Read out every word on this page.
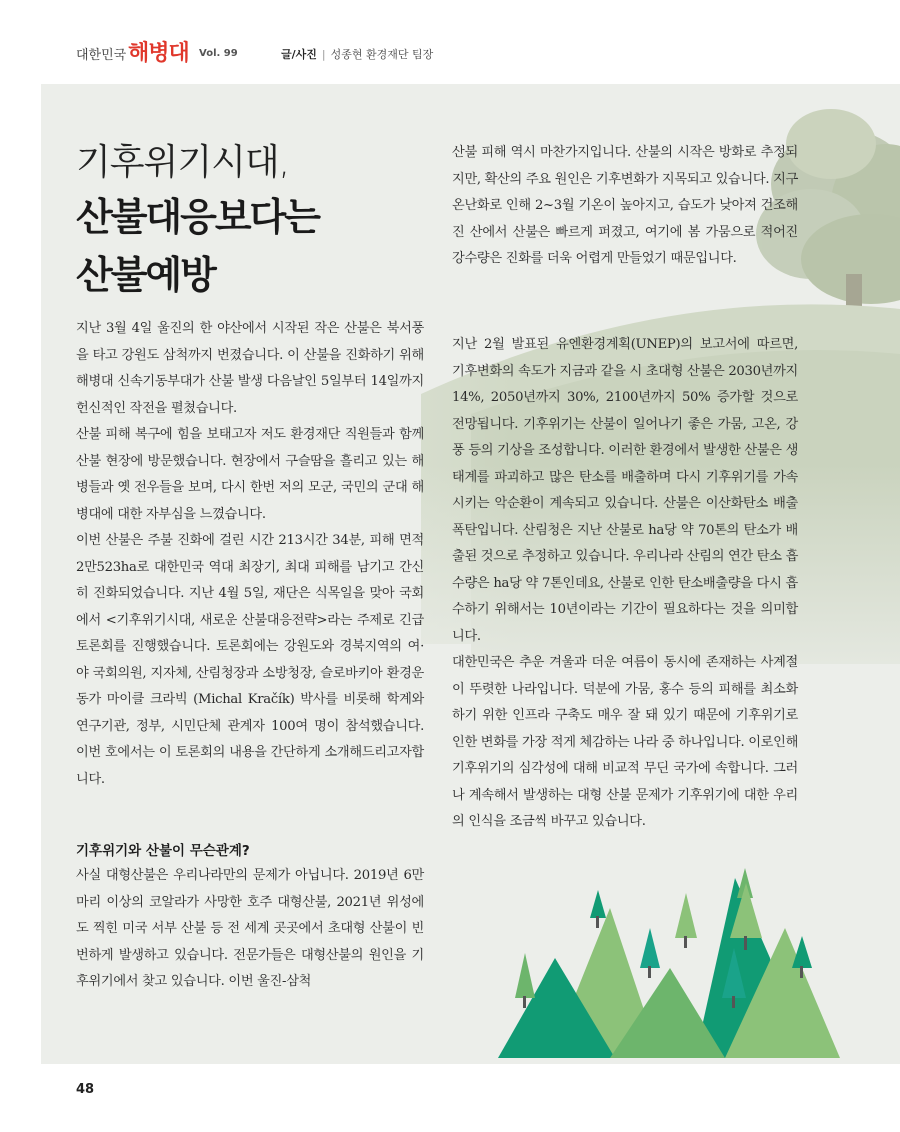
대한민국 해병대 Vol. 99	글/사진 | 성종현 환경재단 팀장
기후위기시대,
산불대응보다는
산불예방

지난 3월 4일 울진의 한 야산에서 시작된 작은 산불은 북서풍을 타고 강원도 삼척까지 번졌습니다. 이 산불을 진화하기 위해 해병대 신속기동부대가 산불 발생 다음날인 5일부터 14일까지 헌신적인 작전을 펼쳤습니다.

산불 피해 복구에 힘을 보태고자 저도 환경재단 직원들과 함께 산불 현장에 방문했습니다. 현장에서 구슬땀을 흘리고 있는 해병들과 옛 전우들을 보며, 다시 한번 저의 모군, 국민의 군대 해병대에 대한 자부심을 느꼈습니다.

이번 산불은 주불 진화에 걸린 시간 213시간 34분, 피해 면적 2만523ha로 대한민국 역대 최장기, 최대 피해를 남기고 간신히 진화되었습니다. 지난 4월 5일, 재단은 식목일을 맞아 국회에서 <기후위기시대, 새로운 산불대응전략>라는 주제로 긴급토론회를 진행했습니다. 토론회에는 강원도와 경북지역의 여·야 국회의원, 지자체, 산림청장과 소방청장, 슬로바키아 환경운동가 마이클 크라빅 (Michal Kračík) 박사를 비롯해 학계와 연구기관, 정부, 시민단체 관계자 100여 명이 참석했습니다. 이번 호에서는 이 토론회의 내용을 간단하게 소개해드리고자합니다.

기후위기와 산불이 무슨관계?

사실 대형산불은 우리나라만의 문제가 아닙니다. 2019년 6만 마리 이상의 코알라가 사망한 호주 대형산불, 2021년 위성에도 찍힌 미국 서부 산불 등 전 세계 곳곳에서 초대형 산불이 빈번하게 발생하고 있습니다. 전문가들은 대형산불의 원인을 기후위기에서 찾고 있습니다. 이번 울진-삼척

산불 피해 역시 마찬가지입니다. 산불의 시작은 방화로 추정되지만, 확산의 주요 원인은 기후변화가 지목되고 있습니다. 지구온난화로 인해 2~3월 기온이 높아지고, 습도가 낮아져 건조해진 산에서 산불은 빠르게 퍼졌고, 여기에 봄 가뭄으로 적어진 강수량은 진화를 더욱 어렵게 만들었기 때문입니다.

지난 2월 발표된 유엔환경계획(UNEP)의 보고서에 따르면, 기후변화의 속도가 지금과 같을 시 초대형 산불은 2030년까지 14%, 2050년까지 30%, 2100년까지 50% 증가할 것으로 전망됩니다. 기후위기는 산불이 일어나기 좋은 가뭄, 고온, 강풍 등의 기상을 조성합니다. 이러한 환경에서 발생한 산불은 생태계를 파괴하고 많은 탄소를 배출하며 다시 기후위기를 가속시키는 악순환이 계속되고 있습니다. 산불은 이산화탄소 배출 폭탄입니다. 산림청은 지난 산불로 ha당 약 70톤의 탄소가 배출된 것으로 추정하고 있습니다. 우리나라 산림의 연간 탄소 흡수량은 ha당 약 7톤인데요, 산불로 인한 탄소배출량을 다시 흡수하기 위해서는 10년이라는 기간이 필요하다는 것을 의미합니다.

대한민국은 추운 겨울과 더운 여름이 동시에 존재하는 사계절이 뚜렷한 나라입니다. 덕분에 가뭄, 홍수 등의 피해를 최소화 하기 위한 인프라 구축도 매우 잘 돼 있기 때문에 기후위기로 인한 변화를 가장 적게 체감하는 나라 중 하나입니다. 이로인해 기후위기의 심각성에 대해 비교적 무딘 국가에 속합니다. 그러나 계속해서 발생하는 대형 산불 문제가 기후위기에 대한 우리의 인식을 조금씩 바꾸고 있습니다.

48
